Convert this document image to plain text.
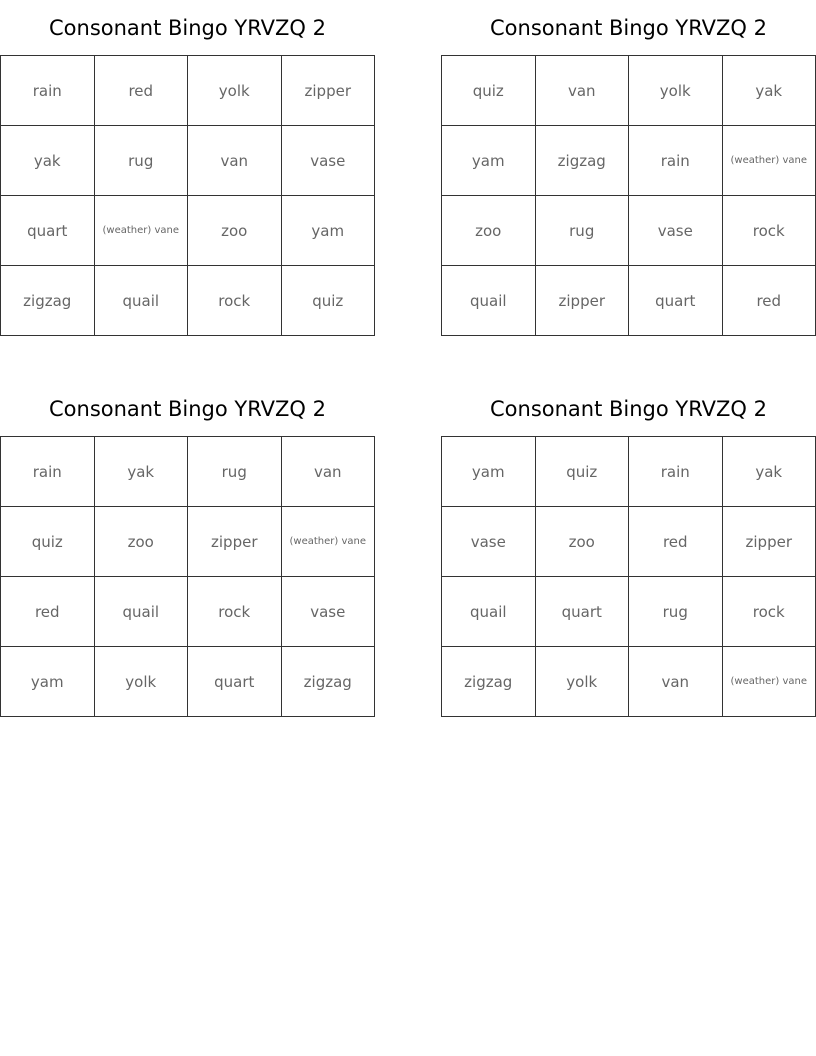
Consonant Bingo YRVZQ 2
rain	red	yolk	zipper
yak	rug	van	vase
quart	(weather) vane	zoo	yam
zigzag	quail	rock	quiz
Consonant Bingo YRVZQ 2
quiz	van	yolk	yak
yam	zigzag	rain	(weather) vane
zoo	rug	vase	rock
quail	zipper	quart	red
Consonant Bingo YRVZQ 2
rain	yak	rug	van
quiz	zoo	zipper	(weather) vane
red	quail	rock	vase
yam	yolk	quart	zigzag
Consonant Bingo YRVZQ 2
yam	quiz	rain	yak
vase	zoo	red	zipper
quail	quart	rug	rock
zigzag	yolk	van	(weather) vane
